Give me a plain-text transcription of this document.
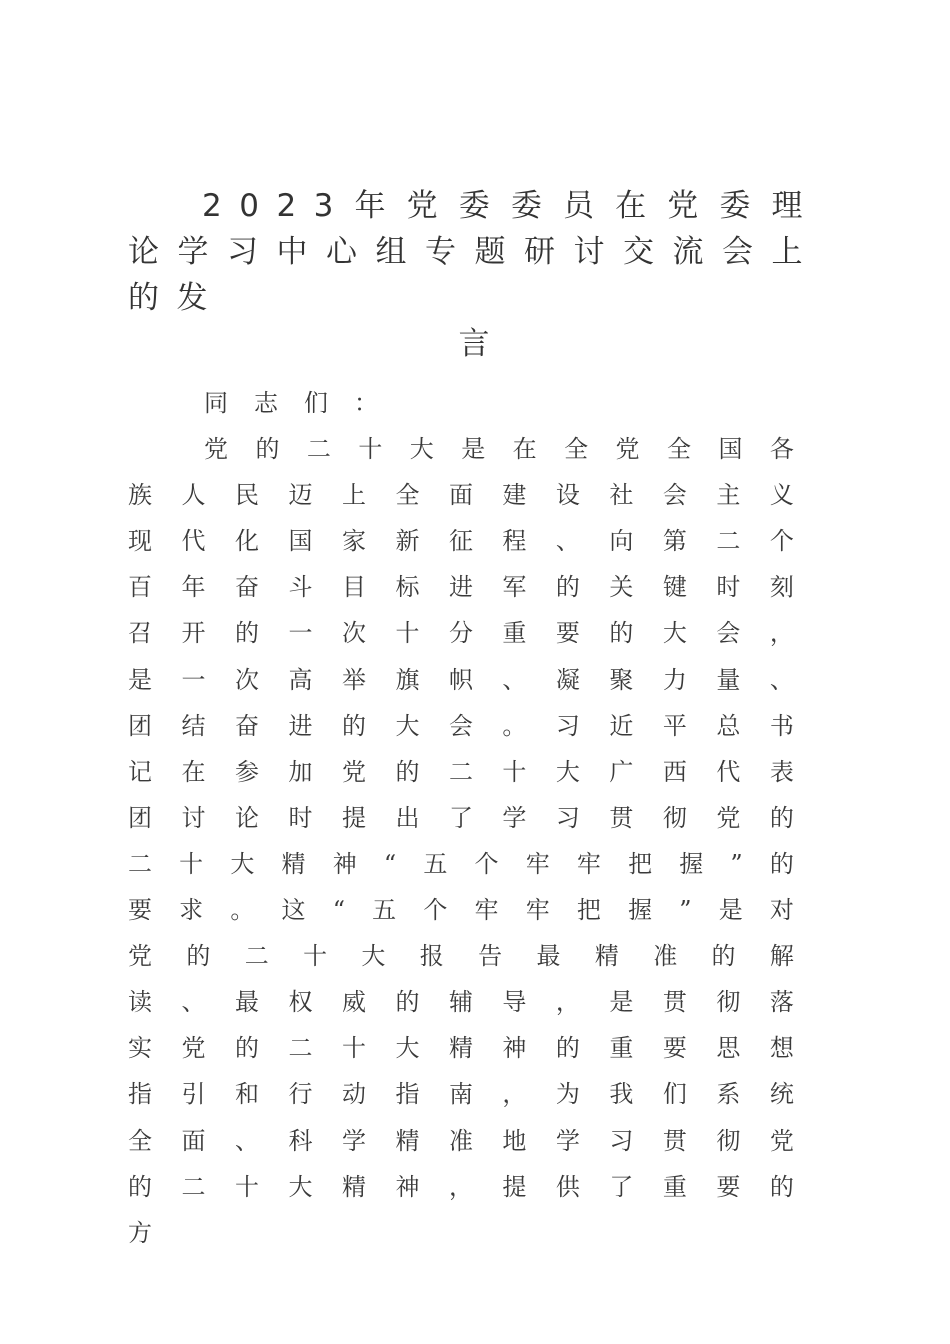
2023年党委委员在党委理论学习中心组专题研讨交流会上的发
言

同志们：

党的二十大是在全党全国各族人民迈上全面建设社会主义现代化国家新征程、向第二个百年奋斗目标进军的关键时刻召开的一次十分重要的大会，是一次高举旗帜、凝聚力量、团结奋进的大会。习近平总书记在参加党的二十大广西代表团讨论时提出了学习贯彻党的二十大精神“五个牢牢把握”的要求。这“五个牢牢把握”是对党的二十大报告最精准的解读、最权威的辅导，是贯彻落实党的二十大精神的重要思想指引和行动指南，为我们系统全面、科学精准地学习贯彻党的二十大精神，提供了重要的方
